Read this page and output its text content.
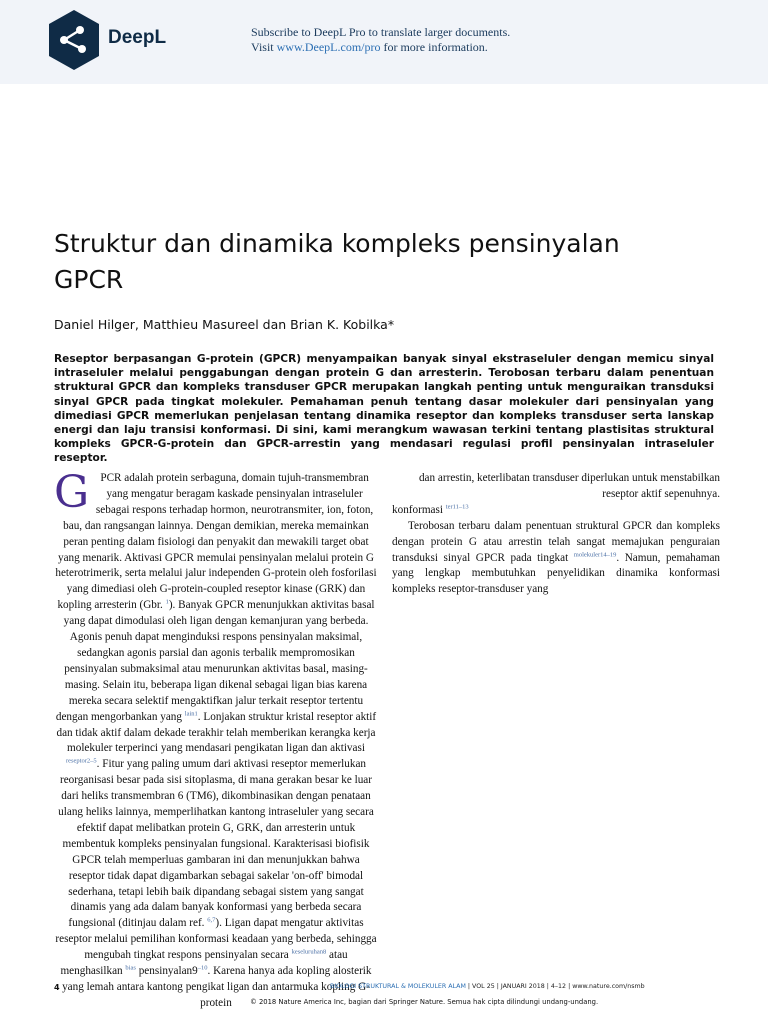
DeepL	Subscribe to DeepL Pro to translate larger documents.
Visit www.DeepL.com/pro for more information.
Struktur dan dinamika kompleks pensinyalan GPCR
Daniel Hilger, Matthieu Masureel dan Brian K. Kobilka*

Reseptor berpasangan G-protein (GPCR) menyampaikan banyak sinyal ekstraseluler dengan memicu sinyal intraseluler melalui penggabungan dengan protein G dan arresterin. Terobosan terbaru dalam penentuan struktural GPCR dan kompleks transduser GPCR merupakan langkah penting untuk menguraikan transduksi sinyal GPCR pada tingkat molekuler. Pemahaman penuh tentang dasar molekuler dari pensinyalan yang dimediasi GPCR memerlukan penjelasan tentang dinamika reseptor dan kompleks transduser serta lanskap energi dan laju transisi konformasi. Di sini, kami merangkum wawasan terkini tentang plastisitas struktural kompleks GPCR-G-protein dan GPCR-arrestin yang mendasari regulasi profil pensinyalan intraseluler reseptor.

G PCR adalah protein serbaguna, domain tujuh-transmembran yang mengatur beragam kaskade pensinyalan intraseluler sebagai respons terhadap hormon, neurotransmiter, ion, foton, bau, dan rangsangan lainnya. Dengan demikian, mereka memainkan peran penting dalam fisiologi dan penyakit dan mewakili target obat yang menarik. Aktivasi GPCR memulai pensinyalan melalui protein G heterotrimerik, serta melalui jalur independen G-protein oleh fosforilasi yang dimediasi oleh G-protein-coupled reseptor kinase (GRK) dan kopling arresterin (Gbr. $^1$). Banyak GPCR menunjukkan aktivitas basal yang dapat dimodulasi oleh ligan dengan kemanjuran yang berbeda. Agonis penuh dapat menginduksi respons pensinyalan maksimal, sedangkan agonis parsial dan agonis terbalik mempromosikan pensinyalan submaksimal atau menurunkan aktivitas basal, masing-masing. Selain itu, beberapa ligan dikenal sebagai ligan bias karena mereka secara selektif mengaktifkan jalur terkait reseptor tertentu dengan mengorbankan yang $^{lain1}$. Lonjakan struktur kristal reseptor aktif dan tidak aktif dalam dekade terakhir telah memberikan kerangka kerja molekuler terperinci yang mendasari pengikatan ligan dan aktivasi $^{reseptor2-5}$. Fitur yang paling umum dari aktivasi reseptor memerlukan reorganisasi besar pada sisi sitoplasma, di mana gerakan besar ke luar dari heliks transmembran 6 (TM6), dikombinasikan dengan penataan ulang heliks lainnya, memperlihatkan kantong intraseluler yang secara efektif dapat melibatkan protein G, GRK, dan arresterin untuk membentuk kompleks pensinyalan fungsional. Karakterisasi biofisik GPCR telah memperluas gambaran ini dan menunjukkan bahwa reseptor tidak dapat digambarkan sebagai sakelar 'on-off' bimodal sederhana, tetapi lebih baik dipandang sebagai sistem yang sangat dinamis yang ada dalam banyak konformasi yang berbeda secara fungsional (ditinjau dalam ref. $^{6,7}$). Ligan dapat mengatur aktivitas reseptor melalui pemilihan konformasi keadaan yang berbeda, sehingga mengubah tingkat respons pensinyalan secara $^{keseluruhan8}$ atau menghasilkan $^{bias}$ $pensinyalan9^{-10}$. Karena hanya ada kopling alosterik yang lemah antara kantong pengikat ligan dan antarmuka kopling G-protein

dan arrestin, keterlibatan transduser diperlukan untuk menstabilkan reseptor aktif sepenuhnya.

konformasi $^{ter11-13}$

Terobosan terbaru dalam penentuan struktural GPCR dan kompleks dengan protein G atau arrestin telah sangat memajukan penguraian transduksi sinyal GPCR pada tingkat $^{molekuler14-19}$. Namun, pemahaman yang lengkap membutuhkan penyelidikan dinamika konformasi kompleks reseptor-transduser yang

4	BIOLOGI STRUKTURAL & MOLEKULER ALAM | VOL 25 | JANUARI 2018 | 4–12 | www.nature.com/nsmb
© 2018 Nature America Inc, bagian dari Springer Nature. Semua hak cipta dilindungi undang-undang.
